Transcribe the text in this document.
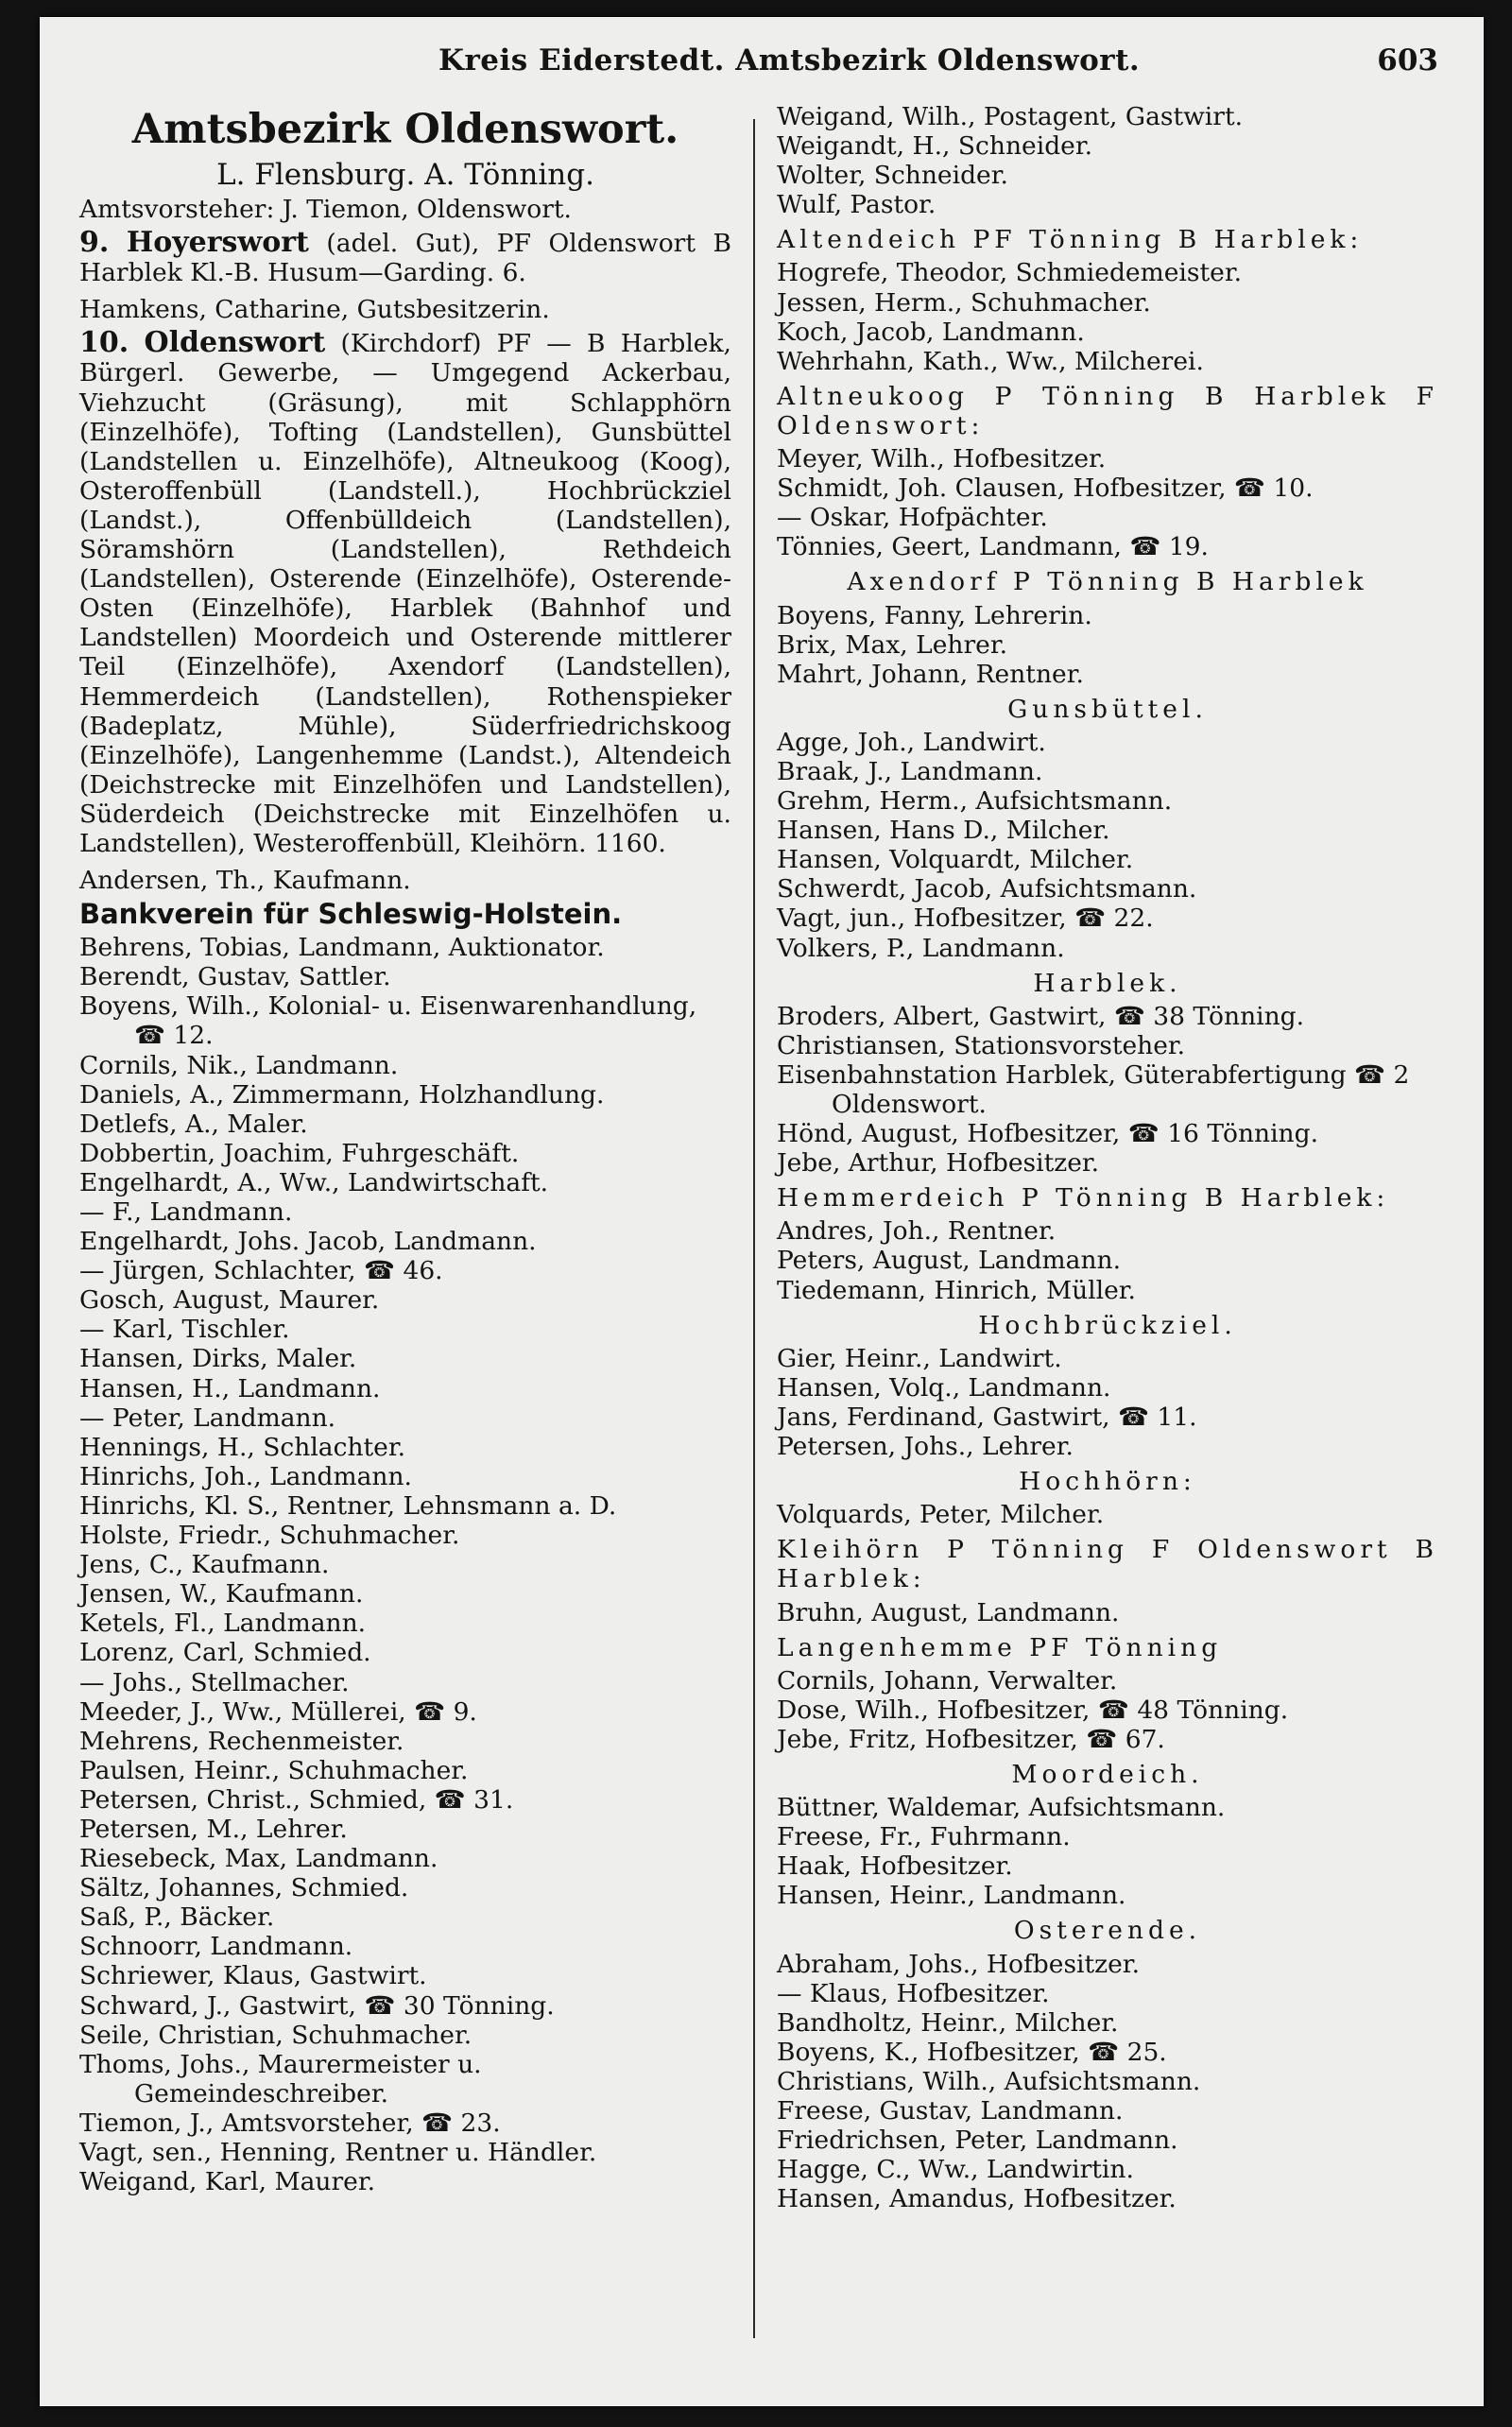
Kreis Eiderstedt. Amtsbezirk Oldenswort.	603
Amtsbezirk Oldenswort.
L. Flensburg. A. Tönning.
Amtsvorsteher: J. Tiemon, Oldenswort.
9. Hoyerswort (adel. Gut), PF Oldenswort B Harblek Kl.-B. Husum—Garding. 6.
Hamkens, Catharine, Gutsbesitzerin.
10. Oldenswort (Kirchdorf) PF — B Harblek, Bürgerl. Gewerbe, — Umgegend Ackerbau, Viehzucht (Gräsung), mit Schlapphörn (Einzelhöfe), Tofting (Landstellen), Gunsbüttel (Landstellen u. Einzelhöfe), Altneukoog (Koog), Osteroffenbüll (Landstell.), Hochbrückziel (Landst.), Offenbülldeich (Landstellen), Söramshörn (Landstellen), Rethdeich (Landstellen), Osterende (Einzelhöfe), Osterende-Osten (Einzelhöfe), Harblek (Bahnhof und Landstellen) Moordeich und Osterende mittlerer Teil (Einzelhöfe), Axendorf (Landstellen), Hemmerdeich (Landstellen), Rothenspieker (Badeplatz, Mühle), Süderfriedrichskoog (Einzelhöfe), Langenhemme (Landst.), Altendeich (Deichstrecke mit Einzelhöfen und Landstellen), Süderdeich (Deichstrecke mit Einzelhöfen u. Landstellen), Westeroffenbüll, Kleihörn. 1160.
Andersen, Th., Kaufmann.
Bankverein für Schleswig-Holstein.
Behrens, Tobias, Landmann, Auktionator.
Berendt, Gustav, Sattler.
Boyens, Wilh., Kolonial- u. Eisenwarenhandlung, ☎ 12.
Cornils, Nik., Landmann.
Daniels, A., Zimmermann, Holzhandlung.
Detlefs, A., Maler.
Dobbertin, Joachim, Fuhrgeschäft.
Engelhardt, A., Ww., Landwirtschaft.
— F., Landmann.
Engelhardt, Johs. Jacob, Landmann.
— Jürgen, Schlachter, ☎ 46.
Gosch, August, Maurer.
— Karl, Tischler.
Hansen, Dirks, Maler.
Hansen, H., Landmann.
— Peter, Landmann.
Hennings, H., Schlachter.
Hinrichs, Joh., Landmann.
Hinrichs, Kl. S., Rentner, Lehnsmann a. D.
Holste, Friedr., Schuhmacher.
Jens, C., Kaufmann.
Jensen, W., Kaufmann.
Ketels, Fl., Landmann.
Lorenz, Carl, Schmied.
— Johs., Stellmacher.
Meeder, J., Ww., Müllerei, ☎ 9.
Mehrens, Rechenmeister.
Paulsen, Heinr., Schuhmacher.
Petersen, Christ., Schmied, ☎ 31.
Petersen, M., Lehrer.
Riesebeck, Max, Landmann.
Sältz, Johannes, Schmied.
Saß, P., Bäcker.
Schnoorr, Landmann.
Schriewer, Klaus, Gastwirt.
Schward, J., Gastwirt, ☎ 30 Tönning.
Seile, Christian, Schuhmacher.
Thoms, Johs., Maurermeister u. Gemeindeschreiber.
Tiemon, J., Amtsvorsteher, ☎ 23.
Vagt, sen., Henning, Rentner u. Händler.
Weigand, Karl, Maurer.
Weigand, Wilh., Postagent, Gastwirt.
Weigandt, H., Schneider.
Wolter, Schneider.
Wulf, Pastor.
Altendeich PF Tönning B Harblek:
Hogrefe, Theodor, Schmiedemeister.
Jessen, Herm., Schuhmacher.
Koch, Jacob, Landmann.
Wehrhahn, Kath., Ww., Milcherei.
Altneukoog P Tönning B Harblek F Oldenswort:
Meyer, Wilh., Hofbesitzer.
Schmidt, Joh. Clausen, Hofbesitzer, ☎ 10.
— Oskar, Hofpächter.
Tönnies, Geert, Landmann, ☎ 19.
Axendorf P Tönning B Harblek
Boyens, Fanny, Lehrerin.
Brix, Max, Lehrer.
Mahrt, Johann, Rentner.
Gunsbüttel.
Agge, Joh., Landwirt.
Braak, J., Landmann.
Grehm, Herm., Aufsichtsmann.
Hansen, Hans D., Milcher.
Hansen, Volquardt, Milcher.
Schwerdt, Jacob, Aufsichtsmann.
Vagt, jun., Hofbesitzer, ☎ 22.
Volkers, P., Landmann.
Harblek.
Broders, Albert, Gastwirt, ☎ 38 Tönning.
Christiansen, Stationsvorsteher.
Eisenbahnstation Harblek, Güterabfertigung ☎ 2 Oldenswort.
Hönd, August, Hofbesitzer, ☎ 16 Tönning.
Jebe, Arthur, Hofbesitzer.
Hemmerdeich P Tönning B Harblek:
Andres, Joh., Rentner.
Peters, August, Landmann.
Tiedemann, Hinrich, Müller.
Hochbrückziel.
Gier, Heinr., Landwirt.
Hansen, Volq., Landmann.
Jans, Ferdinand, Gastwirt, ☎ 11.
Petersen, Johs., Lehrer.
Hochhörn:
Volquards, Peter, Milcher.
Kleihörn P Tönning F Oldenswort B Harblek:
Bruhn, August, Landmann.
Langenhemme PF Tönning
Cornils, Johann, Verwalter.
Dose, Wilh., Hofbesitzer, ☎ 48 Tönning.
Jebe, Fritz, Hofbesitzer, ☎ 67.
Moordeich.
Büttner, Waldemar, Aufsichtsmann.
Freese, Fr., Fuhrmann.
Haak, Hofbesitzer.
Hansen, Heinr., Landmann.
Osterende.
Abraham, Johs., Hofbesitzer.
— Klaus, Hofbesitzer.
Bandholtz, Heinr., Milcher.
Boyens, K., Hofbesitzer, ☎ 25.
Christians, Wilh., Aufsichtsmann.
Freese, Gustav, Landmann.
Friedrichsen, Peter, Landmann.
Hagge, C., Ww., Landwirtin.
Hansen, Amandus, Hofbesitzer.
